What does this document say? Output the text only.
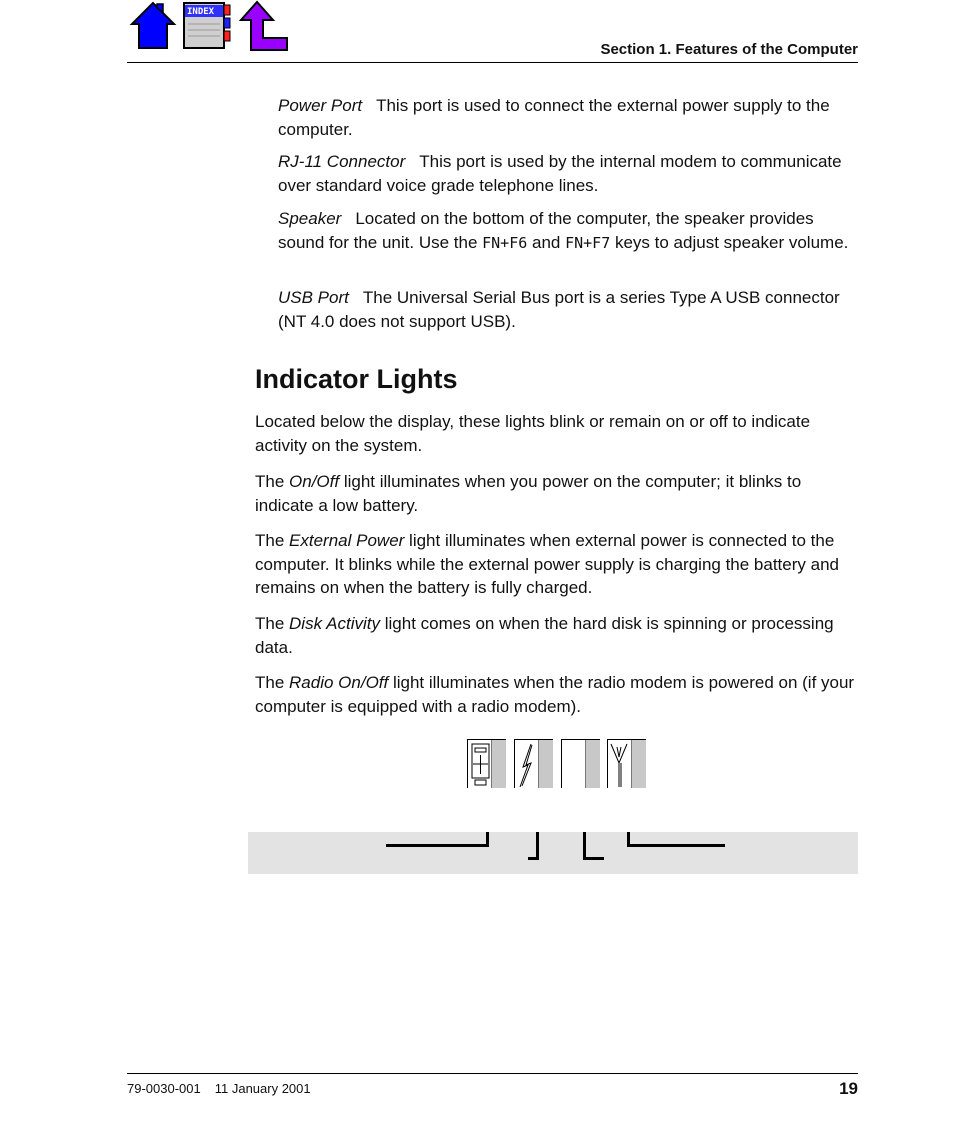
INDEX
Section 1. Features of the Computer
Power Port This port is used to connect the external power supply to the computer.
RJ-11 Connector This port is used by the internal modem to communicate over standard voice grade telephone lines.
Speaker Located on the bottom of the computer, the speaker provides sound for the unit. Use the FN+F6 and FN+F7 keys to adjust speaker volume.
USB Port The Universal Serial Bus port is a series Type A USB connector (NT 4.0 does not support USB).
Indicator Lights
Located below the display, these lights blink or remain on or off to indicate activity on the system.
The On/Off light illuminates when you power on the computer; it blinks to indicate a low battery.
The External Power light illuminates when external power is connected to the computer. It blinks while the external power supply is charging the battery and remains on when the battery is fully charged.
The Disk Activity light comes on when the hard disk is spinning or processing data.
The Radio On/Off light illuminates when the radio modem is powered on (if your computer is equipped with a radio modem).
79-0030-001 11 January 2001	19
